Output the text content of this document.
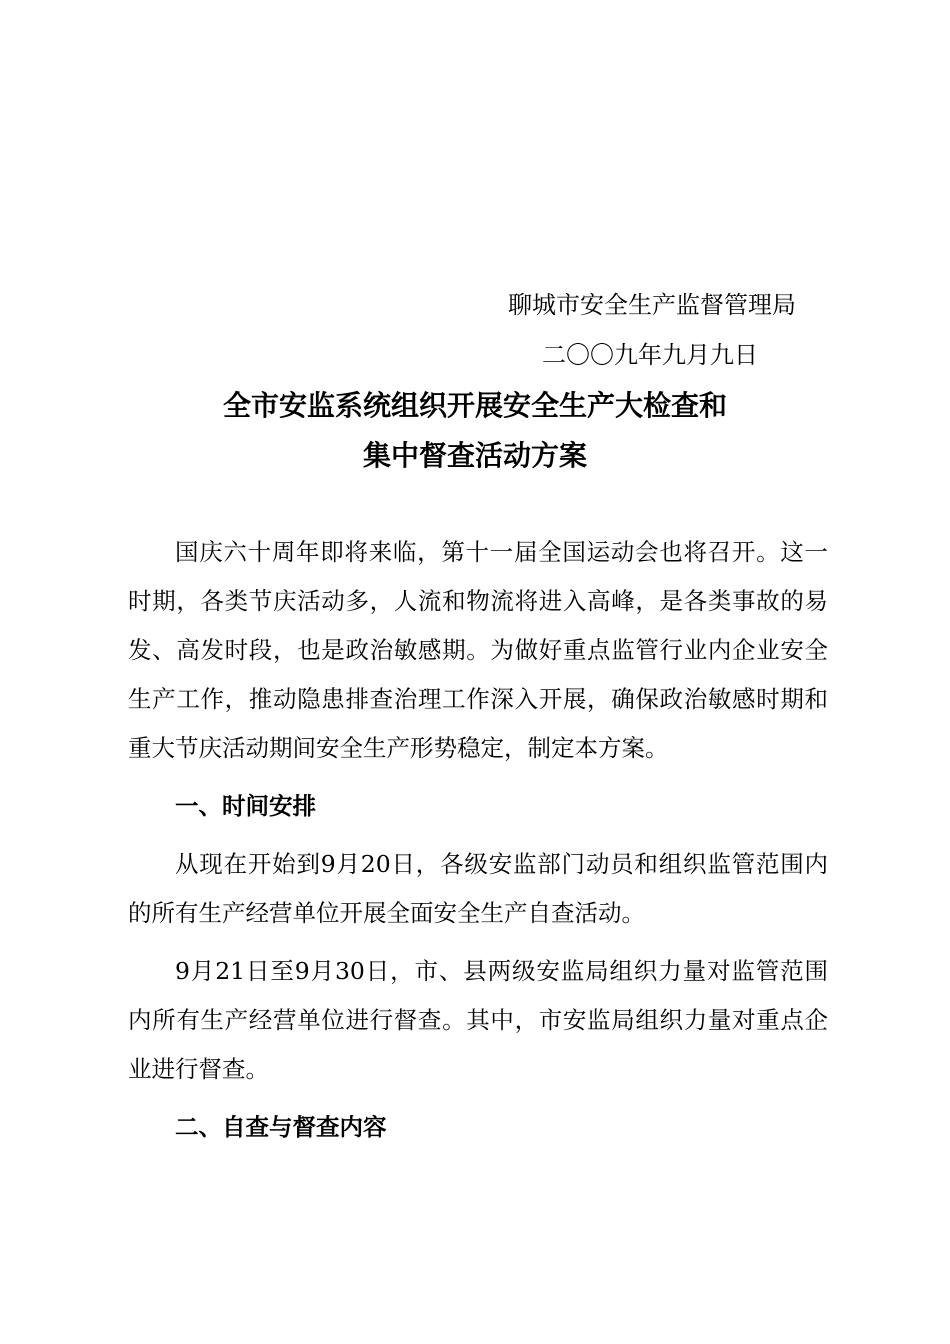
聊城市安全生产监督管理局
二〇〇九年九月九日
全市安监系统组织开展安全生产大检查和
集中督查活动方案

国庆六十周年即将来临，第十一届全国运动会也将召开。这一时期，各类节庆活动多，人流和物流将进入高峰，是各类事故的易发、高发时段，也是政治敏感期。为做好重点监管行业内企业安全生产工作，推动隐患排查治理工作深入开展，确保政治敏感时期和重大节庆活动期间安全生产形势稳定，制定本方案。

一、时间安排

从现在开始到9月20日，各级安监部门动员和组织监管范围内的所有生产经营单位开展全面安全生产自查活动。

9月21日至9月30日，市、县两级安监局组织力量对监管范围内所有生产经营单位进行督查。其中，市安监局组织力量对重点企业进行督查。

二、自查与督查内容
